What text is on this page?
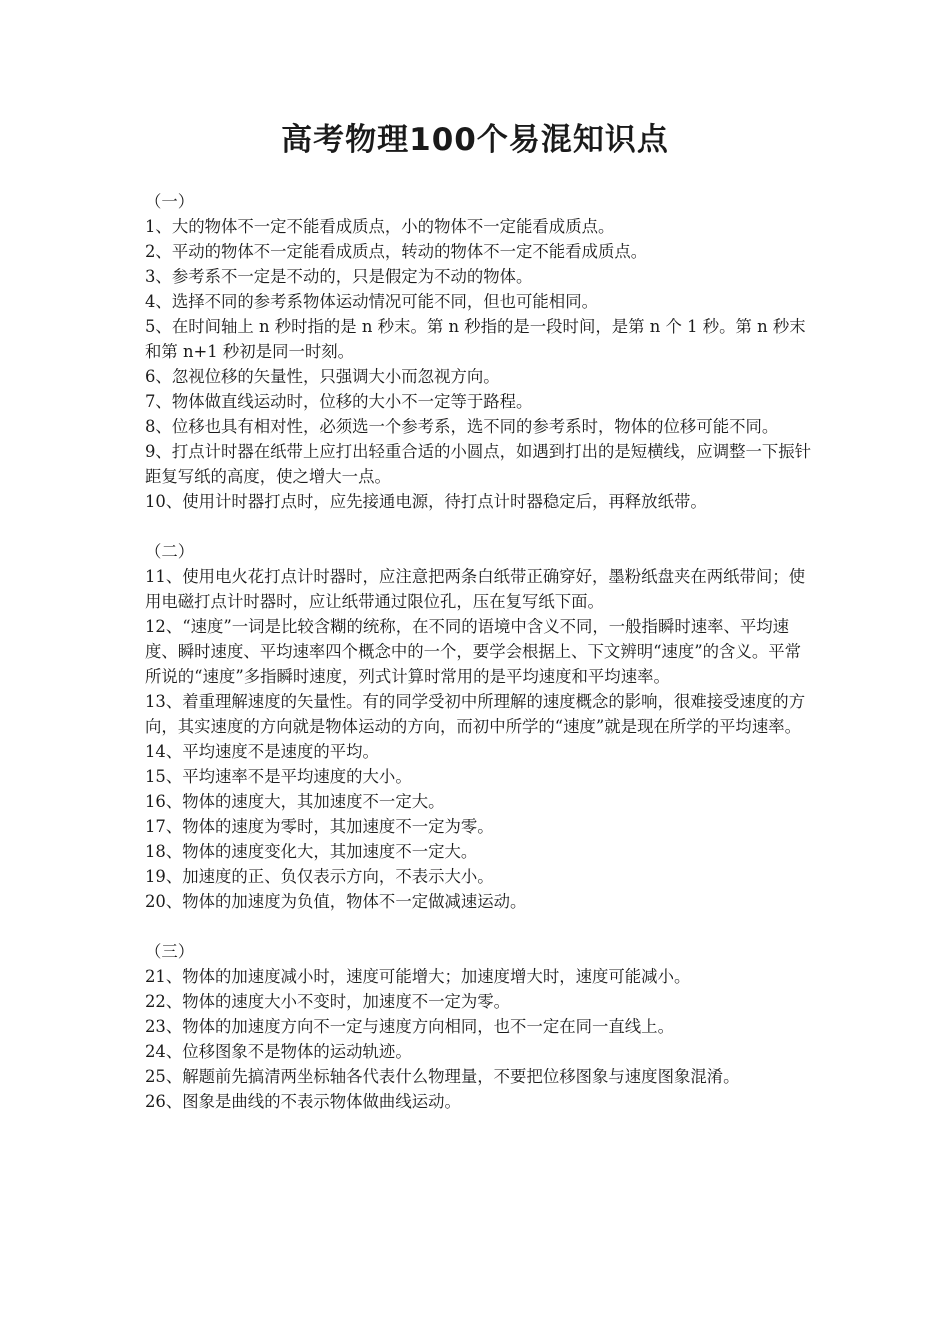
高考物理100个易混知识点

（一）

1、大的物体不一定不能看成质点，小的物体不一定能看成质点。

2、平动的物体不一定能看成质点，转动的物体不一定不能看成质点。

3、参考系不一定是不动的，只是假定为不动的物体。

4、选择不同的参考系物体运动情况可能不同，但也可能相同。

5、在时间轴上 n 秒时指的是 n 秒末。第 n 秒指的是一段时间，是第 n 个 1 秒。第 n 秒末和第 n+1 秒初是同一时刻。

6、忽视位移的矢量性，只强调大小而忽视方向。

7、物体做直线运动时，位移的大小不一定等于路程。

8、位移也具有相对性，必须选一个参考系，选不同的参考系时，物体的位移可能不同。

9、打点计时器在纸带上应打出轻重合适的小圆点，如遇到打出的是短横线，应调整一下振针距复写纸的高度，使之增大一点。

10、使用计时器打点时，应先接通电源，待打点计时器稳定后，再释放纸带。

（二）

11、使用电火花打点计时器时，应注意把两条白纸带正确穿好，墨粉纸盘夹在两纸带间；使用电磁打点计时器时，应让纸带通过限位孔，压在复写纸下面。

12、“速度”一词是比较含糊的统称，在不同的语境中含义不同，一般指瞬时速率、平均速度、瞬时速度、平均速率四个概念中的一个，要学会根据上、下文辨明“速度”的含义。平常所说的“速度”多指瞬时速度，列式计算时常用的是平均速度和平均速率。

13、着重理解速度的矢量性。有的同学受初中所理解的速度概念的影响，很难接受速度的方向，其实速度的方向就是物体运动的方向，而初中所学的“速度”就是现在所学的平均速率。

14、平均速度不是速度的平均。

15、平均速率不是平均速度的大小。

16、物体的速度大，其加速度不一定大。

17、物体的速度为零时，其加速度不一定为零。

18、物体的速度变化大，其加速度不一定大。

19、加速度的正、负仅表示方向，不表示大小。

20、物体的加速度为负值，物体不一定做减速运动。

（三）

21、物体的加速度减小时，速度可能增大；加速度增大时，速度可能减小。

22、物体的速度大小不变时，加速度不一定为零。

23、物体的加速度方向不一定与速度方向相同，也不一定在同一直线上。

24、位移图象不是物体的运动轨迹。

25、解题前先搞清两坐标轴各代表什么物理量，不要把位移图象与速度图象混淆。

26、图象是曲线的不表示物体做曲线运动。
